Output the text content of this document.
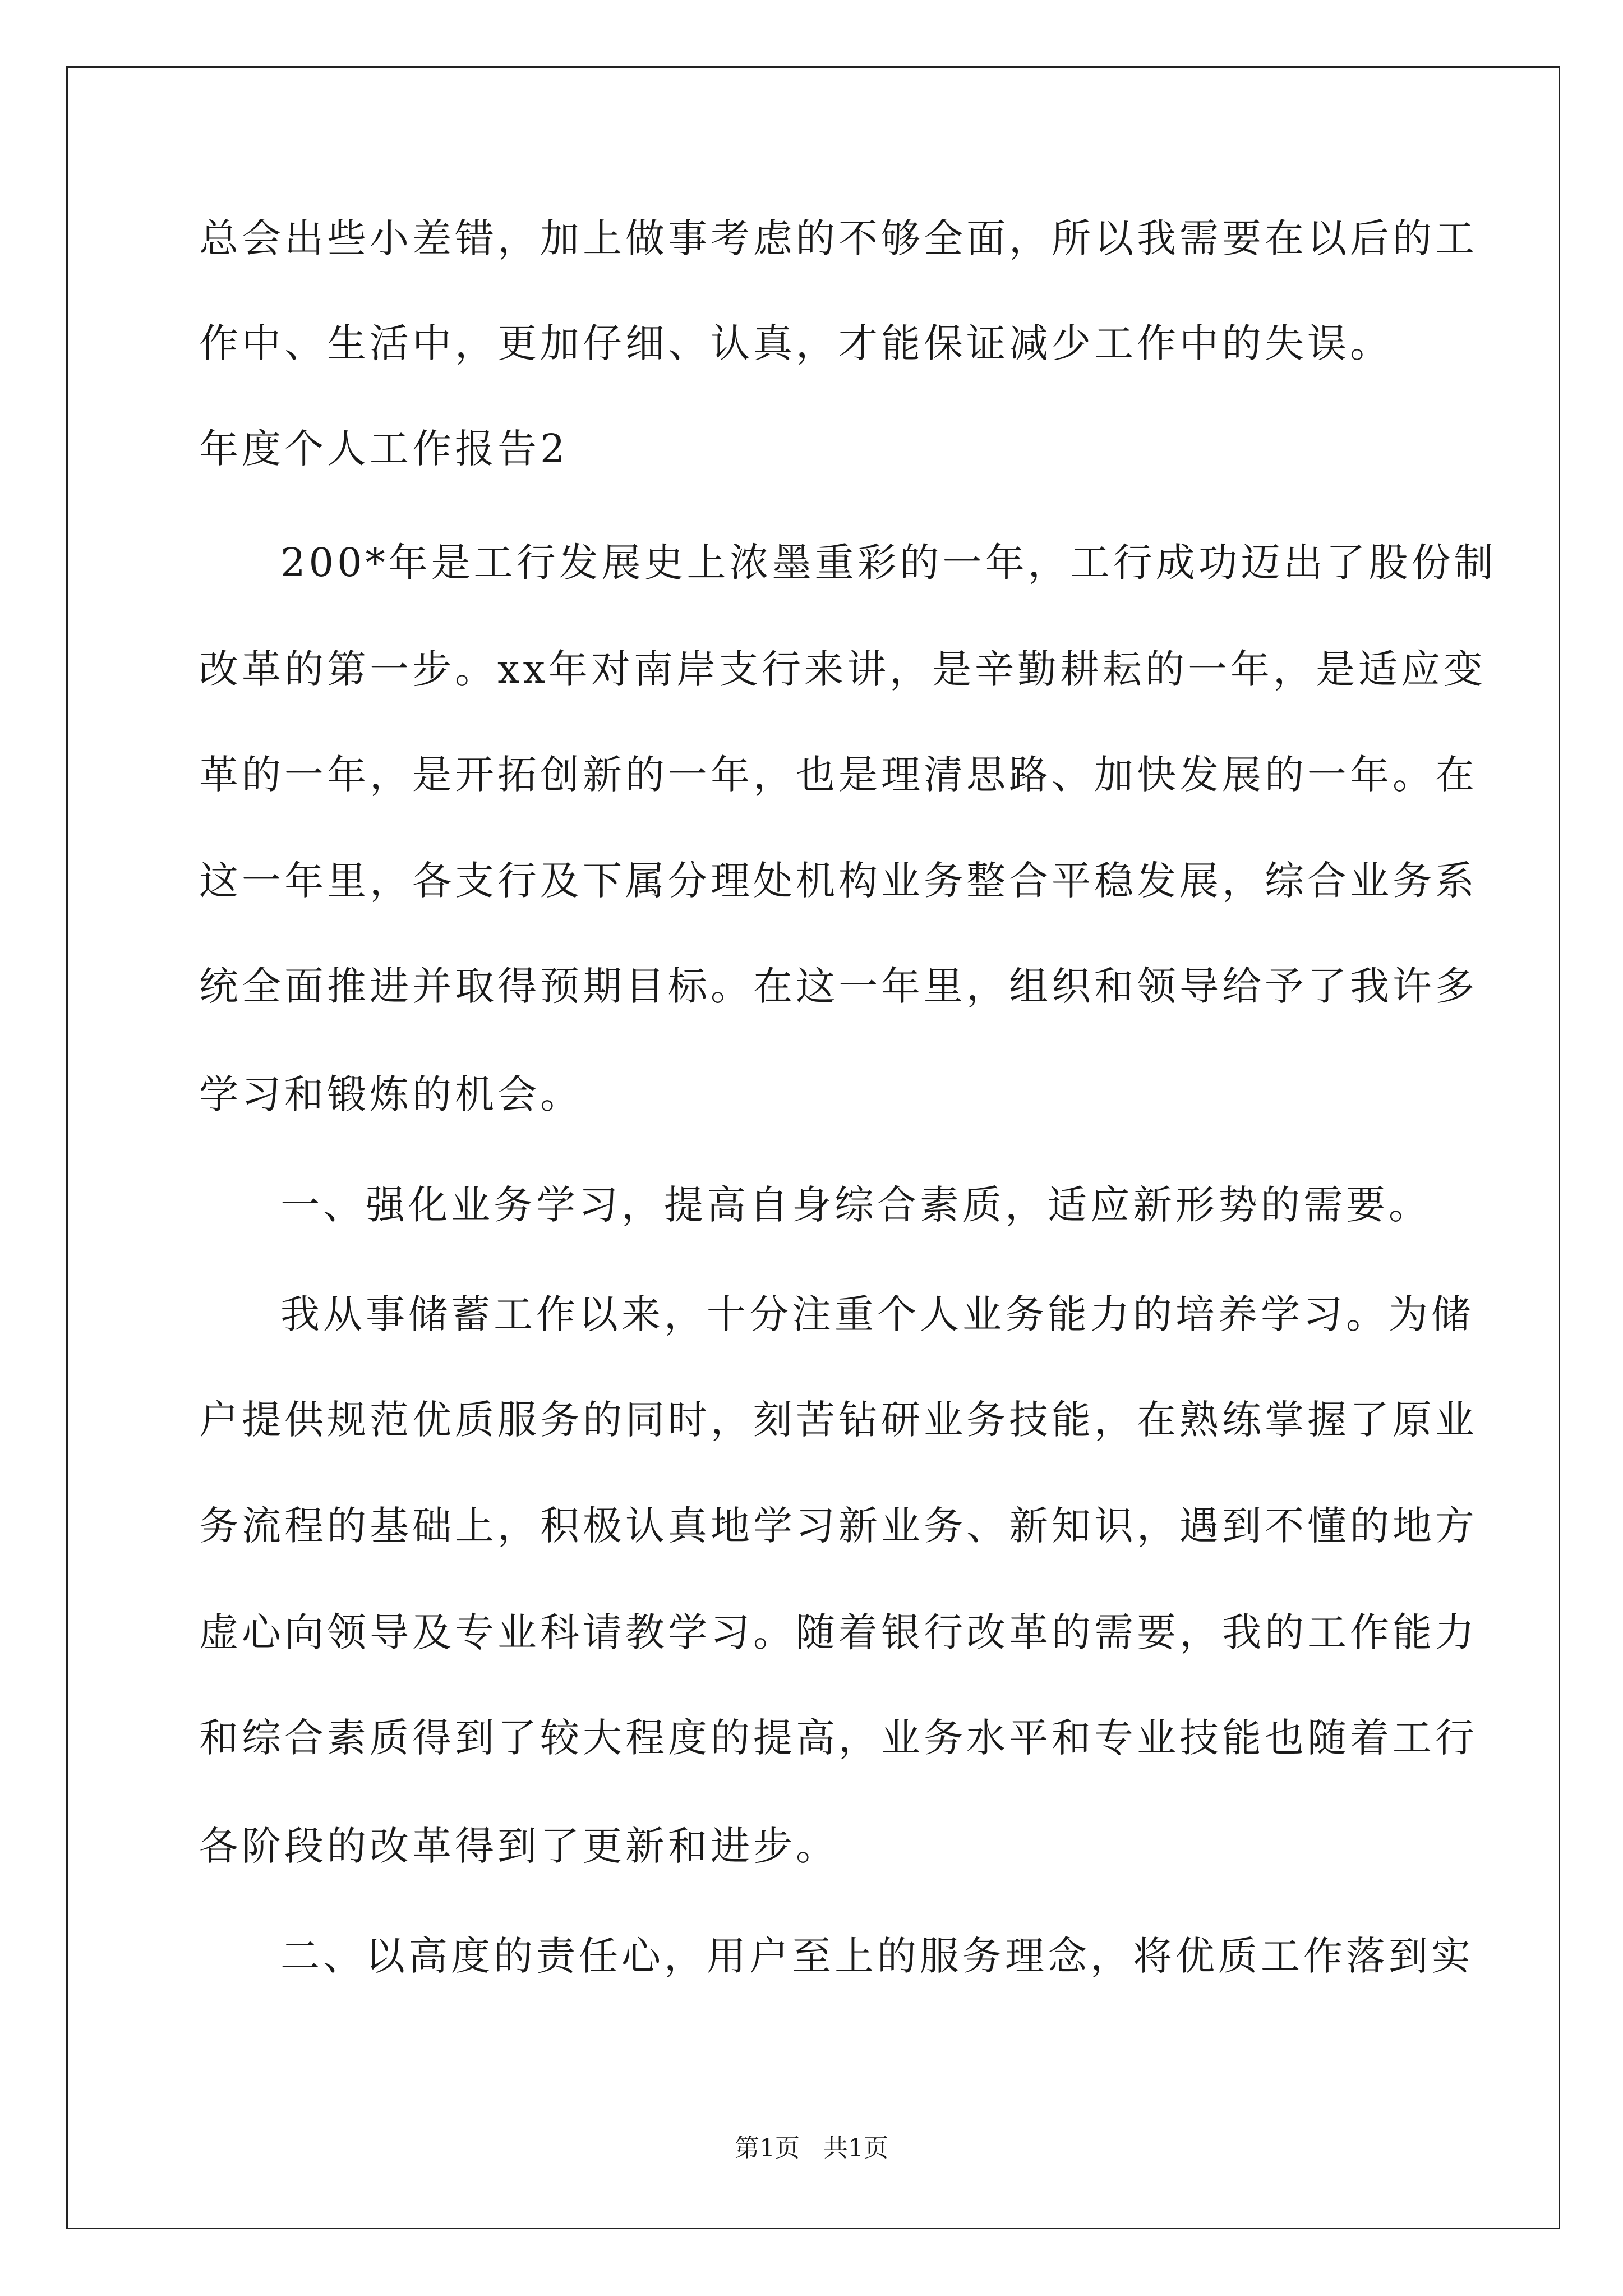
总会出些小差错，加上做事考虑的不够全面，所以我需要在以后的工
作中、生活中，更加仔细、认真，才能保证减少工作中的失误。
年度个人工作报告2
200*年是工行发展史上浓墨重彩的一年，工行成功迈出了股份制
改革的第一步。xx年对南岸支行来讲，是辛勤耕耘的一年，是适应变
革的一年，是开拓创新的一年，也是理清思路、加快发展的一年。在
这一年里，各支行及下属分理处机构业务整合平稳发展，综合业务系
统全面推进并取得预期目标。在这一年里，组织和领导给予了我许多
学习和锻炼的机会。
一、强化业务学习，提高自身综合素质，适应新形势的需要。
我从事储蓄工作以来，十分注重个人业务能力的培养学习。为储
户提供规范优质服务的同时，刻苦钻研业务技能，在熟练掌握了原业
务流程的基础上，积极认真地学习新业务、新知识，遇到不懂的地方
虚心向领导及专业科请教学习。随着银行改革的需要，我的工作能力
和综合素质得到了较大程度的提高，业务水平和专业技能也随着工行
各阶段的改革得到了更新和进步。
二、以高度的责任心，用户至上的服务理念，将优质工作落到实
第1页   共1页
